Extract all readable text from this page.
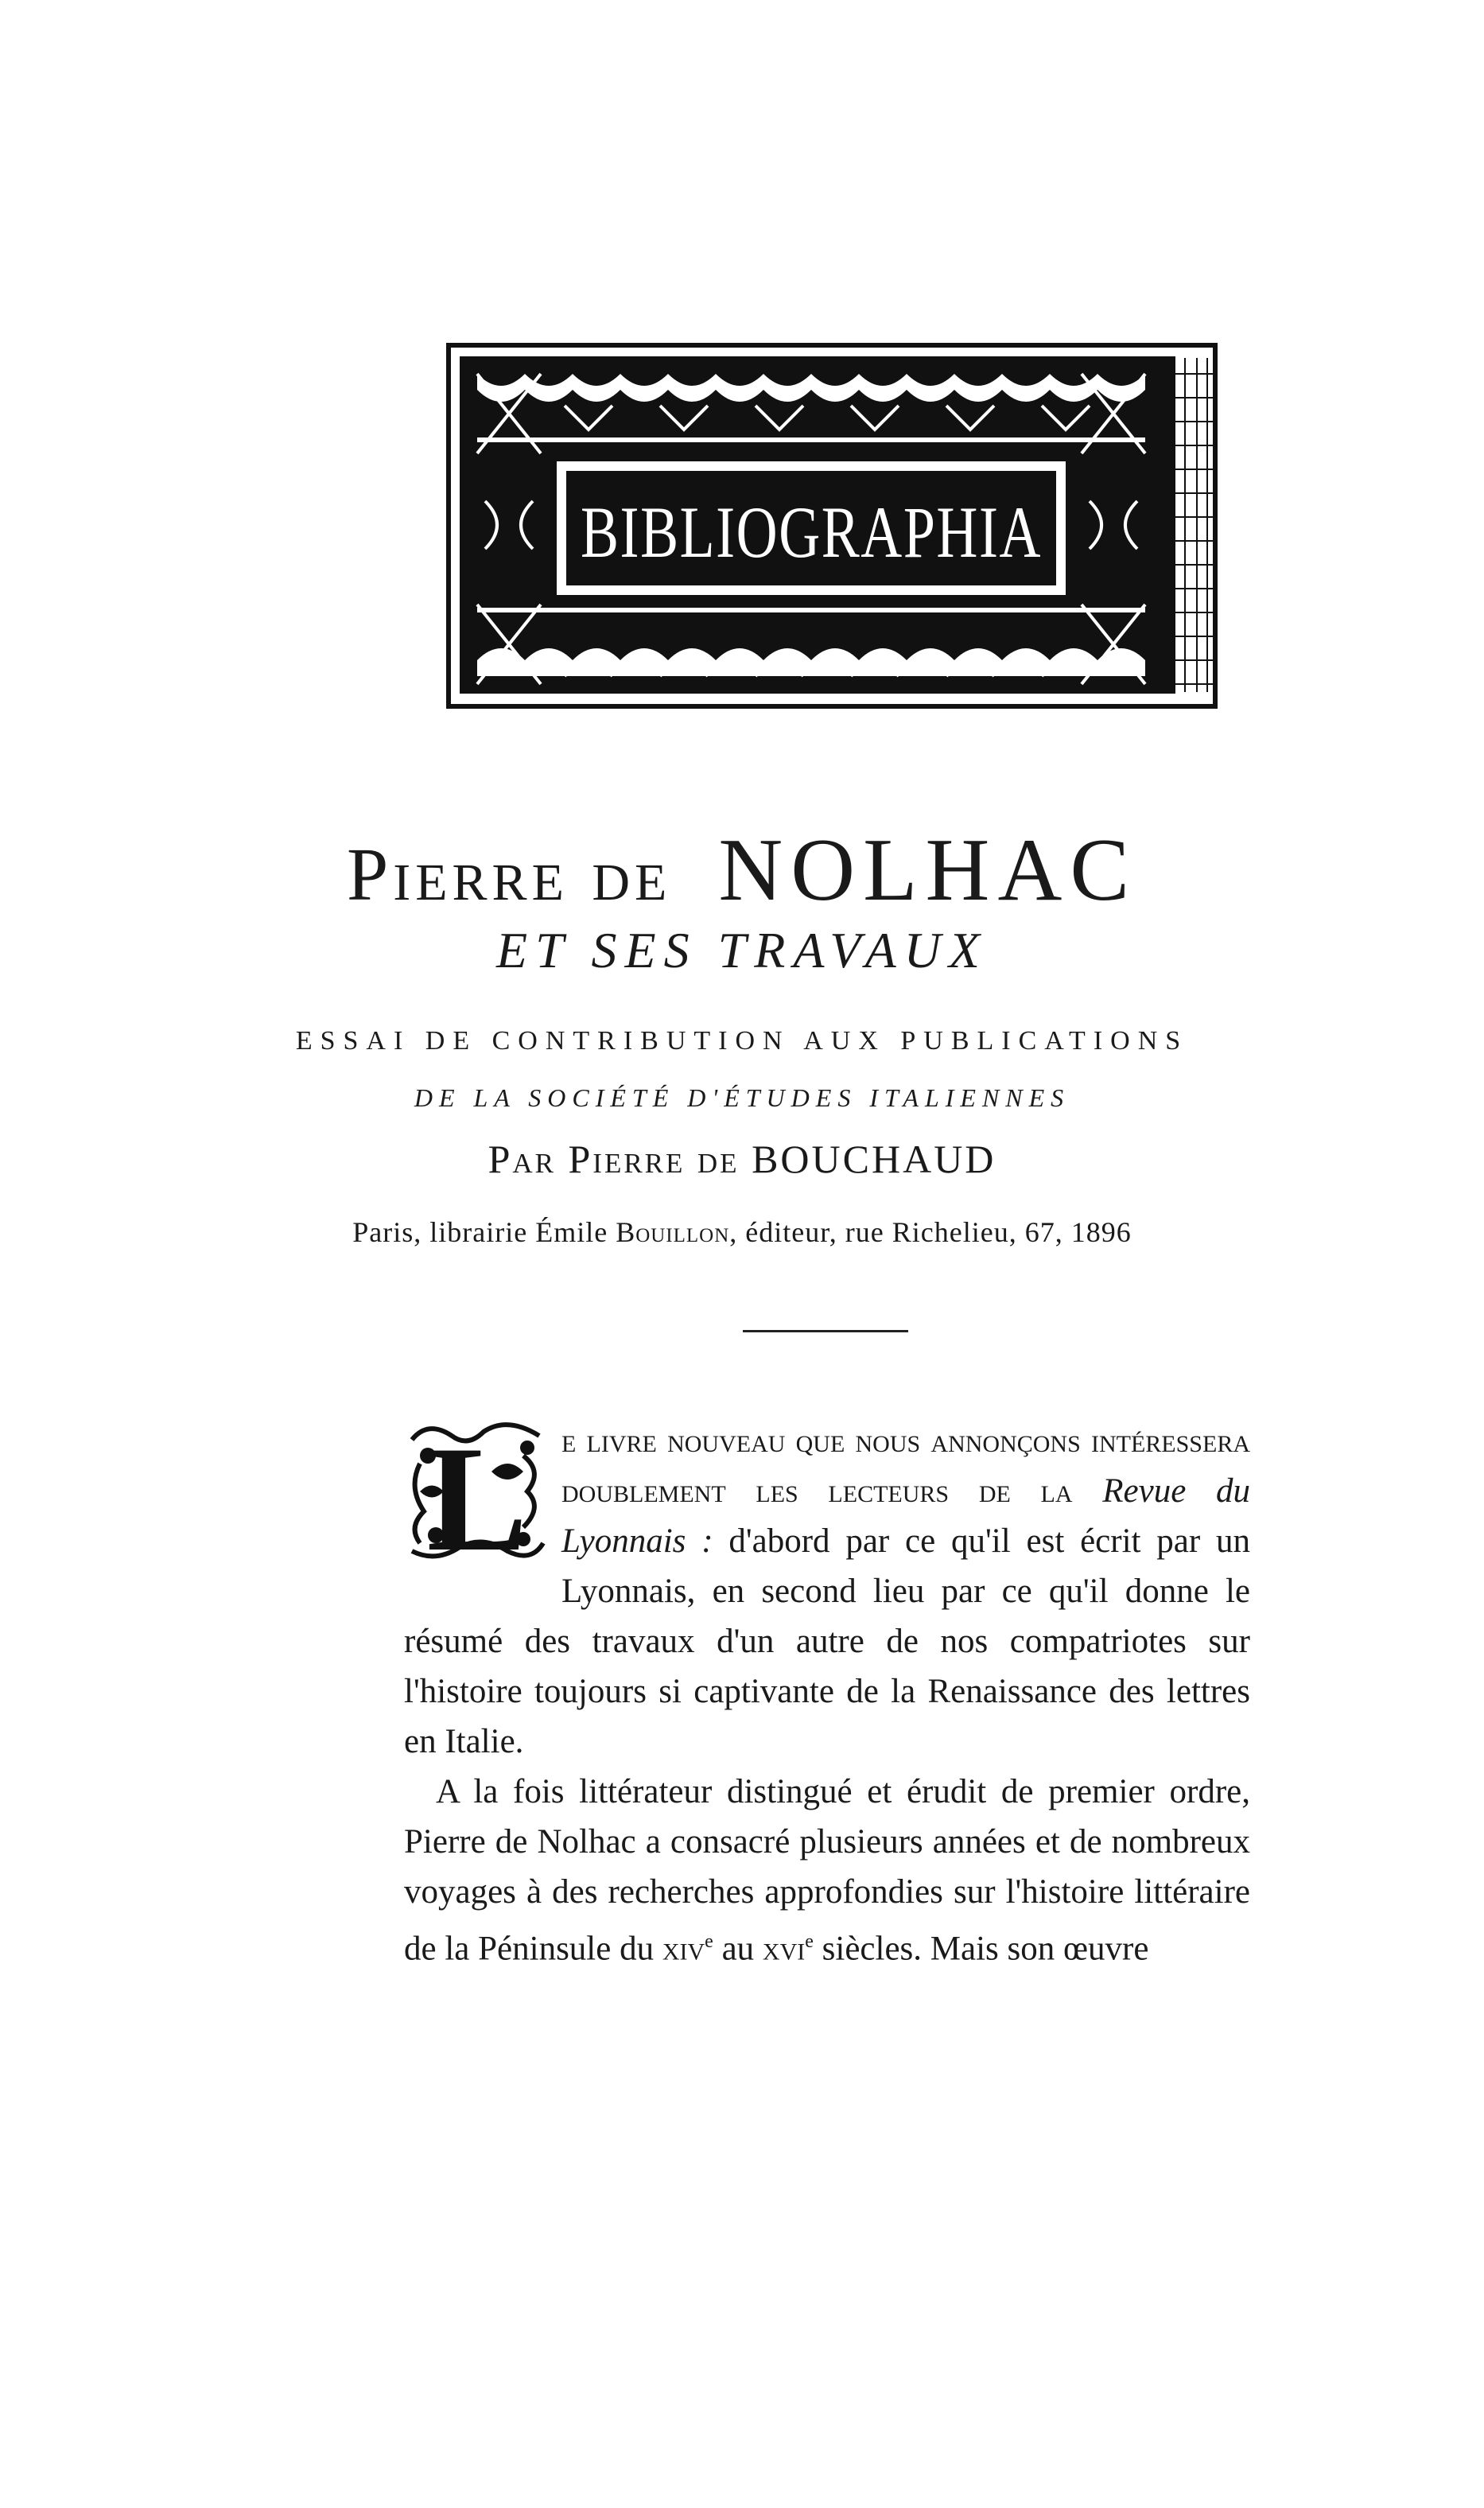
BIBLIOGRAPHIA
Pierre de NOLHAC
ET SES TRAVAUX
ESSAI DE CONTRIBUTION AUX PUBLICATIONS
DE LA SOCIÉTÉ D'ÉTUDES ITALIENNES
Par Pierre de BOUCHAUD
Paris, librairie Émile Bouillon, éditeur, rue Richelieu, 67, 1896
L e livre nouveau que nous annonçons intéressera doublement les lecteurs de la Revue du Lyonnais : d'abord par ce qu'il est écrit par un Lyonnais, en second lieu par ce qu'il donne le résumé des travaux d'un autre de nos compatriotes sur l'histoire toujours si captivante de la Renaissance des lettres en Italie.

A la fois littérateur distingué et érudit de premier ordre, Pierre de Nolhac a consacré plusieurs années et de nombreux voyages à des recherches approfondies sur l'histoire littéraire de la Péninsule du xiv$^e$ au xvi$^e$ siècles. Mais son œuvre
